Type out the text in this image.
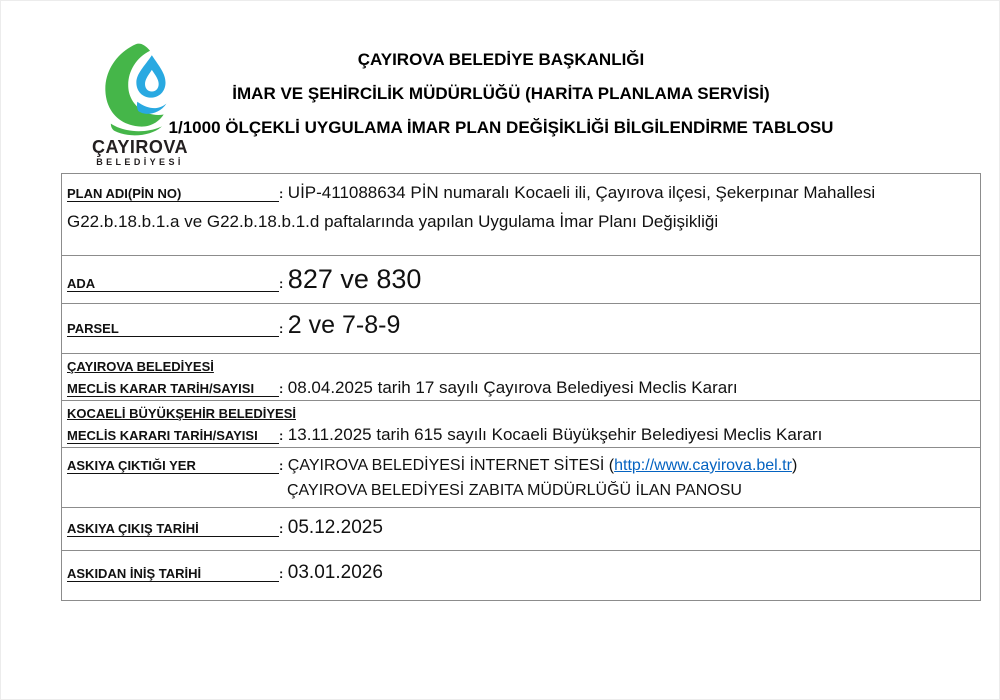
ÇAYIROVA
BELEDİYESİ
ÇAYIROVA BELEDİYE BAŞKANLIĞI
İMAR VE ŞEHİRCİLİK MÜDÜRLÜĞÜ (HARİTA PLANLAMA SERVİSİ)
1/1000 ÖLÇEKLİ UYGULAMA İMAR PLAN DEĞİŞİKLİĞİ BİLGİLENDİRME TABLOSU
PLAN ADI(PİN NO)	: UİP-411088634 PİN numaralı Kocaeli ili, Çayırova ilçesi, Şekerpınar Mahallesi G22.b.18.b.1.a ve G22.b.18.b.1.d paftalarında yapılan Uygulama İmar Planı Değişikliği
ADA	: 827 ve 830
PARSEL	: 2 ve 7-8-9
ÇAYIROVA BELEDİYESİ
MECLİS KARAR TARİH/SAYISI : 08.04.2025 tarih 17 sayılı Çayırova Belediyesi Meclis Kararı
KOCAELİ BÜYÜKŞEHİR BELEDİYESİ
MECLİS KARARI TARİH/SAYISI : 13.11.2025 tarih 615 sayılı Kocaeli Büyükşehir Belediyesi Meclis Kararı
ASKIYA ÇIKTIĞI YER	: ÇAYIROVA BELEDİYESİ İNTERNET SİTESİ (http://www.cayirova.bel.tr)
ÇAYIROVA BELEDİYESİ ZABITA MÜDÜRLÜĞÜ İLAN PANOSU
ASKIYA ÇIKIŞ TARİHİ	: 05.12.2025
ASKIDAN İNİŞ TARİHİ	: 03.01.2026
